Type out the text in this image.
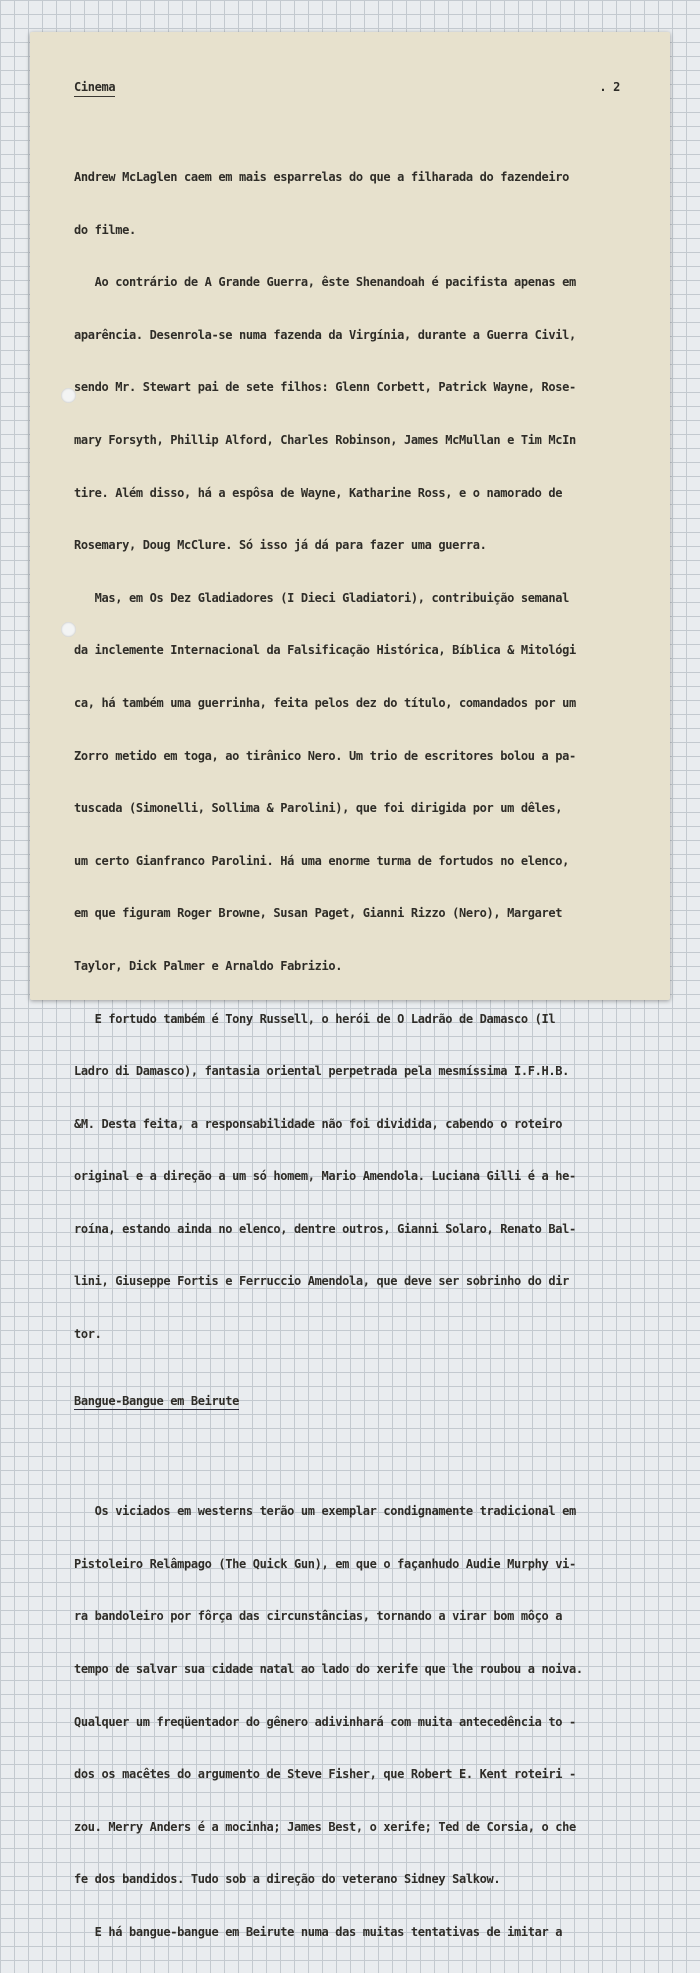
Cinema	. 2

Andrew McLaglen caem em mais esparrelas do que a filharada do fazendeiro

do filme.

Ao contrário de A Grande Guerra, êste Shenandoah é pacifista apenas em

aparência. Desenrola-se numa fazenda da Virgínia, durante a Guerra Civil,

sendo Mr. Stewart pai de sete filhos: Glenn Corbett, Patrick Wayne, Rose-

mary Forsyth, Phillip Alford, Charles Robinson, James McMullan e Tim McIn

tire. Além disso, há a espôsa de Wayne, Katharine Ross, e o namorado de

Rosemary, Doug McClure. Só isso já dá para fazer uma guerra.

Mas, em Os Dez Gladiadores (I Dieci Gladiatori), contribuição semanal

da inclemente Internacional da Falsificação Histórica, Bíblica & Mitológi

ca, há também uma guerrinha, feita pelos dez do título, comandados por um

Zorro metido em toga, ao tirânico Nero. Um trio de escritores bolou a pa-

tuscada (Simonelli, Sollima & Parolini), que foi dirigida por um dêles,

um certo Gianfranco Parolini. Há uma enorme turma de fortudos no elenco,

em que figuram Roger Browne, Susan Paget, Gianni Rizzo (Nero), Margaret

Taylor, Dick Palmer e Arnaldo Fabrizio.

E fortudo também é Tony Russell, o herói de O Ladrão de Damasco (Il

Ladro di Damasco), fantasia oriental perpetrada pela mesmíssima I.F.H.B.

&M. Desta feita, a responsabilidade não foi dividida, cabendo o roteiro

original e a direção a um só homem, Mario Amendola. Luciana Gilli é a he-

roína, estando ainda no elenco, dentre outros, Gianni Solaro, Renato Bal-

lini, Giuseppe Fortis e Ferruccio Amendola, que deve ser sobrinho do dir

tor.

Bangue-Bangue em Beirute

Os viciados em westerns terão um exemplar condignamente tradicional em

Pistoleiro Relâmpago (The Quick Gun), em que o façanhudo Audie Murphy vi-

ra bandoleiro por fôrça das circunstâncias, tornando a virar bom môço a

tempo de salvar sua cidade natal ao lado do xerife que lhe roubou a noiva.

Qualquer um freqüentador do gênero adivinhará com muita antecedência to -

dos os macêtes do argumento de Steve Fisher, que Robert E. Kent roteiri -

zou. Merry Anders é a mocinha; James Best, o xerife; Ted de Corsia, o che

fe dos bandidos. Tudo sob a direção do veterano Sidney Salkow.

E há bangue-bangue em Beirute numa das muitas tentativas de imitar a
